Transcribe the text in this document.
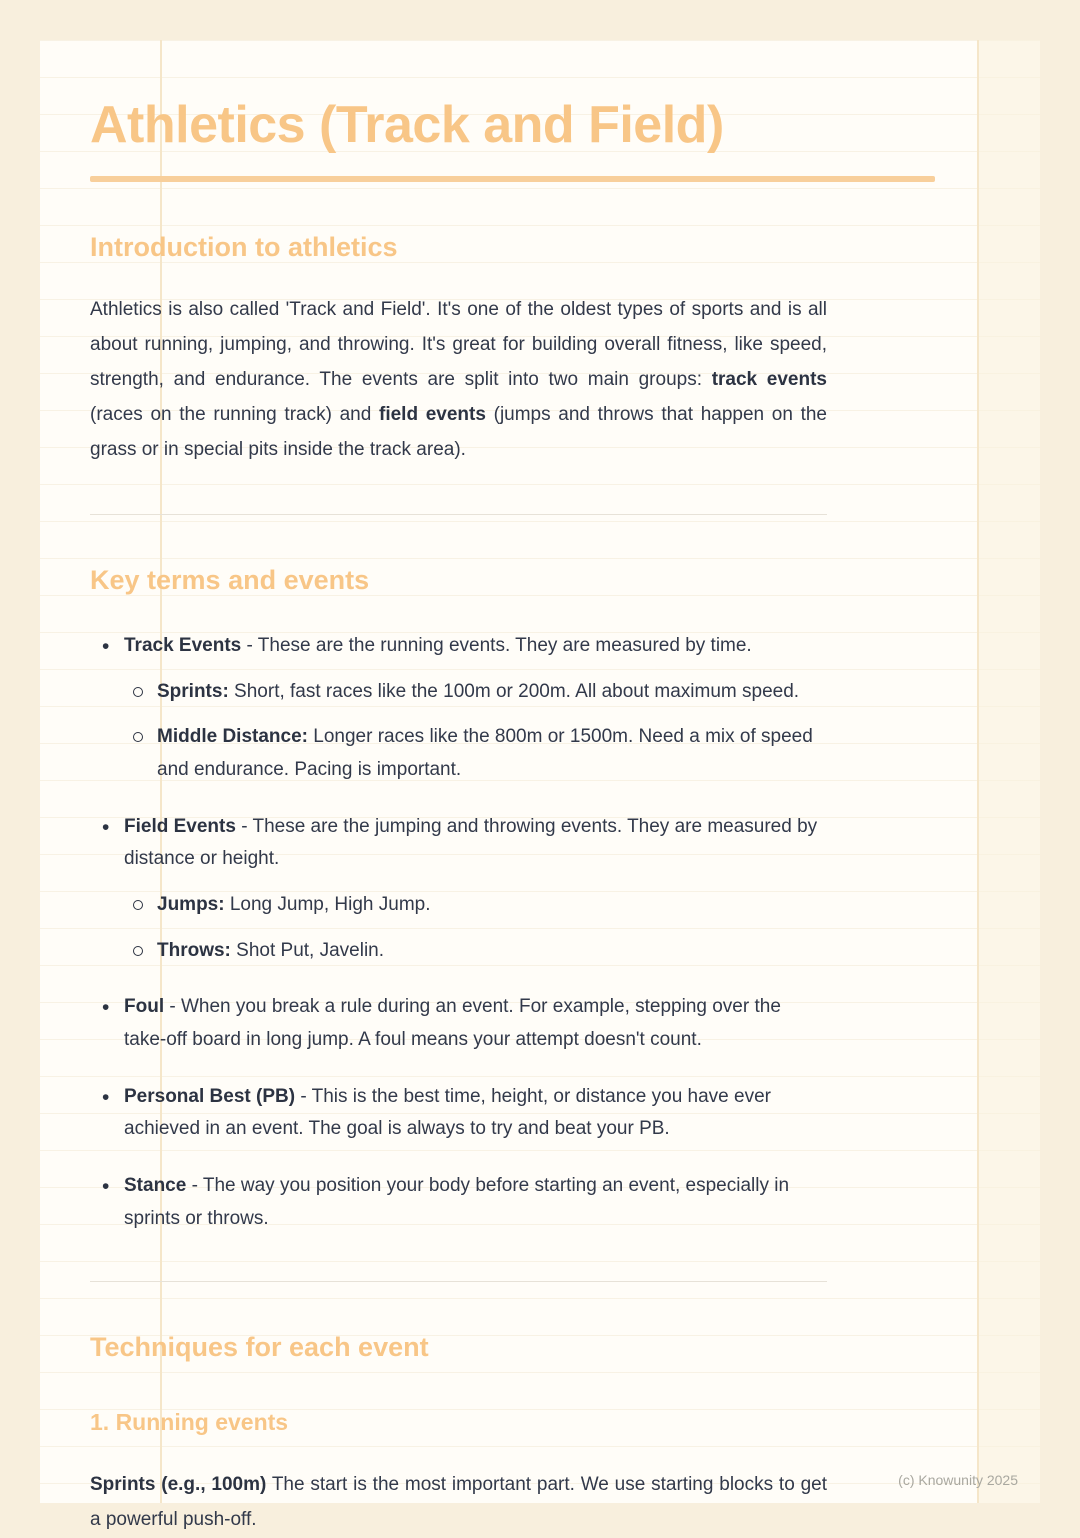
Athletics (Track and Field)
Introduction to athletics

Athletics is also called 'Track and Field'. It's one of the oldest types of sports and is all about running, jumping, and throwing. It's great for building overall fitness, like speed, strength, and endurance. The events are split into two main groups: track events (races on the running track) and field events (jumps and throws that happen on the grass or in special pits inside the track area).

Key terms and events
• Track Events - These are the running events. They are measured by time.
Sprints: Short, fast races like the 100m or 200m. All about maximum speed.
Middle Distance: Longer races like the 800m or 1500m. Need a mix of speed and endurance. Pacing is important.
• Field Events - These are the jumping and throwing events. They are measured by distance or height.
Jumps: Long Jump, High Jump.
Throws: Shot Put, Javelin.
• Foul - When you break a rule during an event. For example, stepping over the take-off board in long jump. A foul means your attempt doesn't count.
• Personal Best (PB) - This is the best time, height, or distance you have ever achieved in an event. The goal is always to try and beat your PB.
• Stance - The way you position your body before starting an event, especially in sprints or throws.
Techniques for each event
1. Running events

Sprints (e.g., 100m) The start is the most important part. We use starting blocks to get a powerful push-off.

(c) Knowunity 2025
